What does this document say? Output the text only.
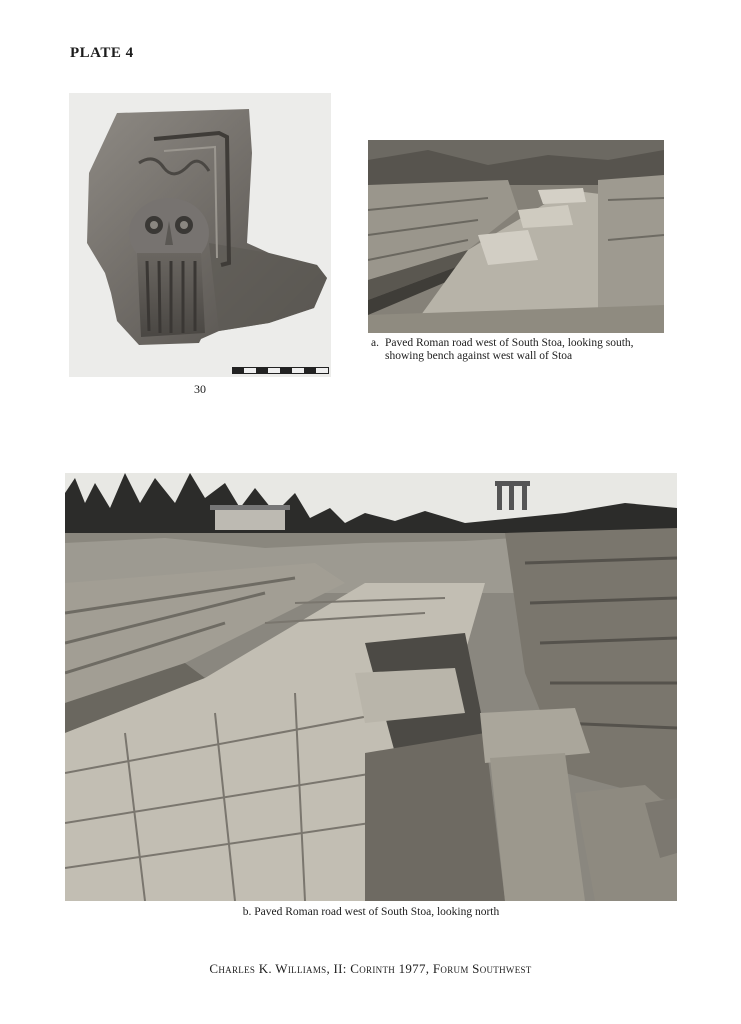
PLATE 4
30
a. Paved Roman road west of South Stoa, looking south, showing bench against west wall of Stoa
b. Paved Roman road west of South Stoa, looking north
Charles K. Williams, II: Corinth 1977, Forum Southwest
